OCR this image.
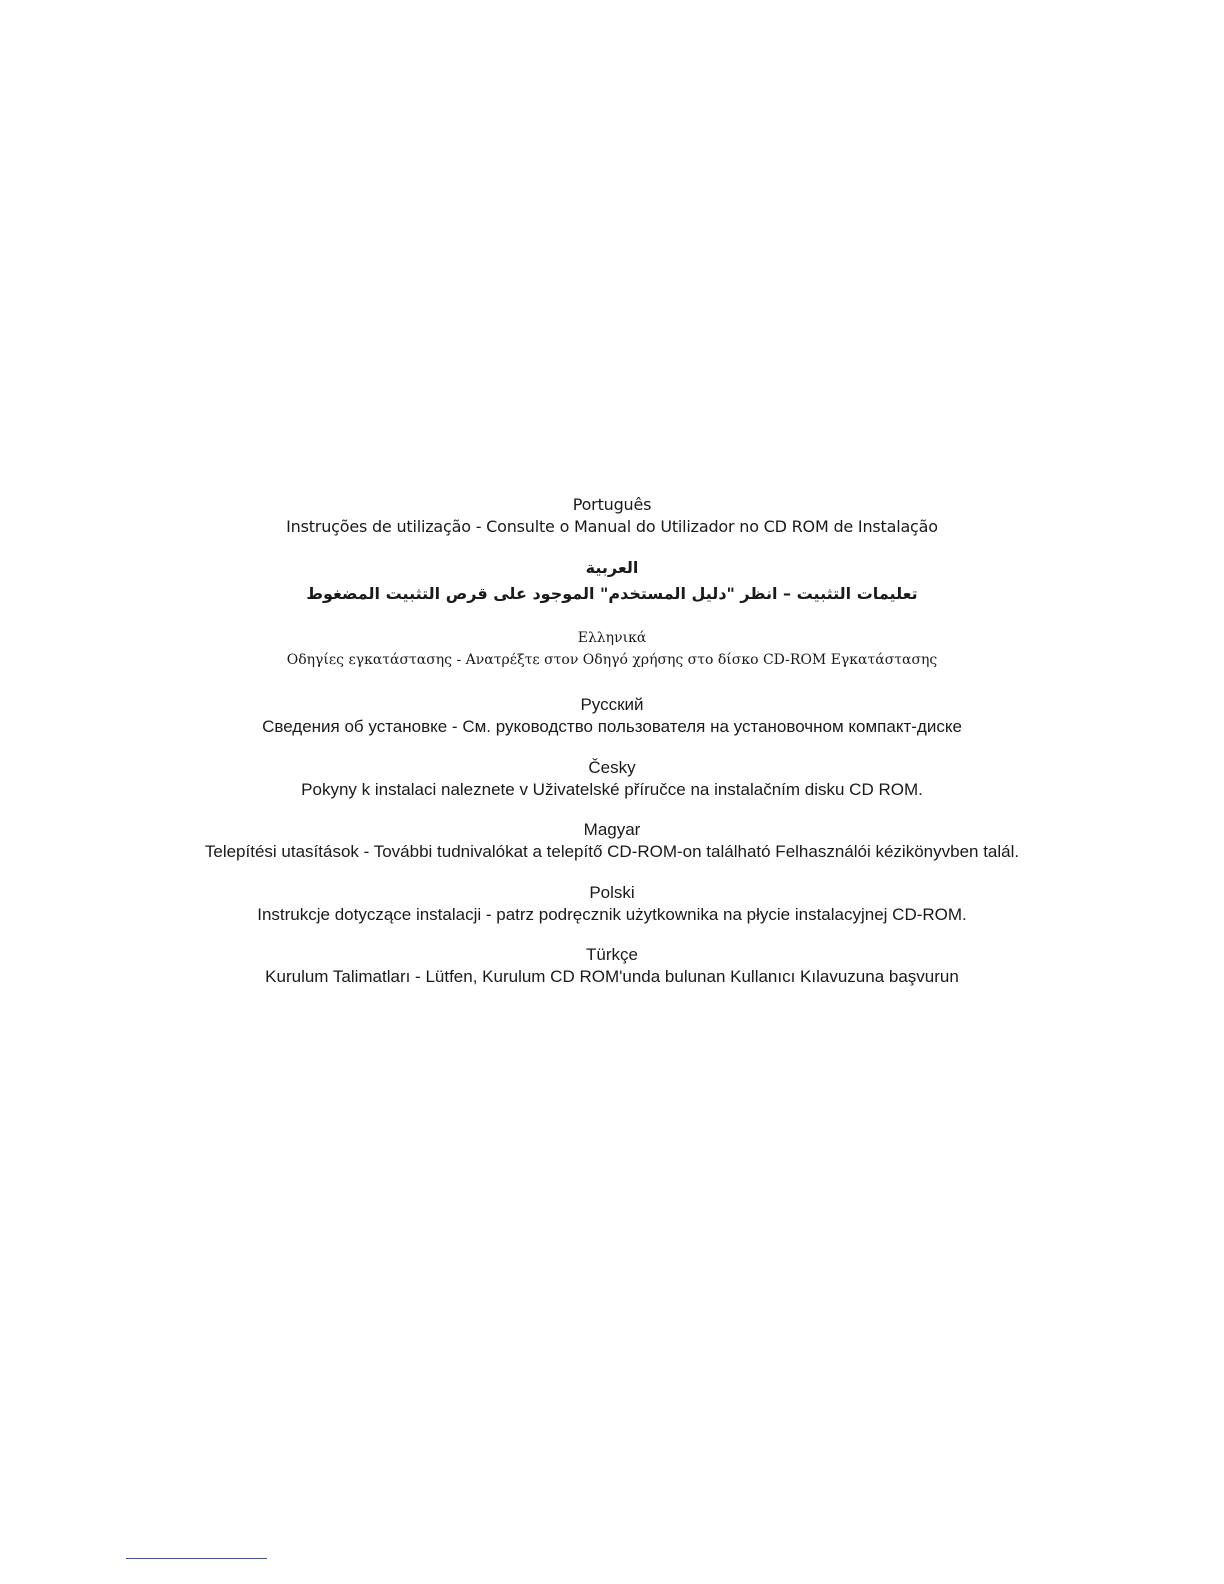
Português
Instruções de utilização - Consulte o Manual do Utilizador no CD ROM de Instalação
العربية
تعليمات التثبيت – انظر "دليل المستخدم" الموجود على قرص التثبيت المضغوط
Ελληνικά
Οδηγίες εγκατάστασης - Ανατρέξτε στον Οδηγό χρήσης στο δίσκο CD-ROM Εγκατάστασης
Русский
Сведения об установке - См. руководство пользователя на установочном компакт-диске
Česky
Pokyny k instalaci naleznete v Uživatelské příručce na instalačním disku CD ROM.
Magyar
Telepítési utasítások - További tudnivalókat a telepítő CD-ROM-on található Felhasználói kézikönyvben talál.
Polski
Instrukcje dotyczące instalacji - patrz podręcznik użytkownika na płycie instalacyjnej CD-ROM.
Türkçe
Kurulum Talimatları - Lütfen, Kurulum CD ROM'unda bulunan Kullanıcı Kılavuzuna başvurun
